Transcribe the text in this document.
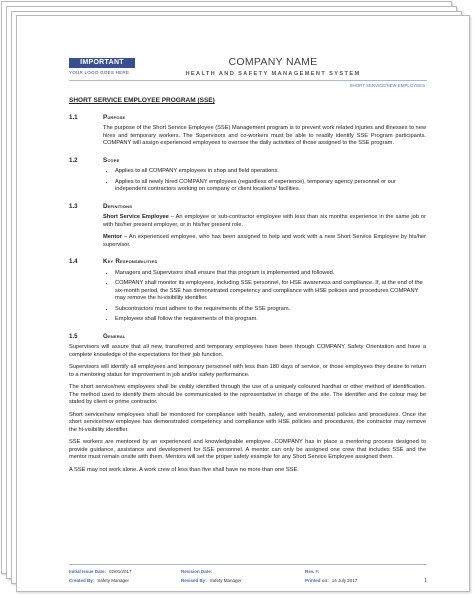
IMPORTANT
YOUR LOGO GOES HERE
COMPANY NAME
HEALTH AND SAFETY MANAGEMENT SYSTEM
SHORT SERVICE/NEW EMPLOYEES
SHORT SERVICE EMPLOYEE PROGRAM (SSE)
1.1	Purpose

The purpose of the Short Service Employee (SSE) Management program is to prevent work related injuries and illnesses to new hires and temporary workers. The Supervisors and co-workers must be able to readily identify SSE Program participants. COMPANY will assign experienced employees to oversee the daily activities of those assigned to the SSE program.

1.2	Scope
• Applies to all COMPANY employees in shop and field operations.
• Applies to all newly hired COMPANY employees (regardless of experience), temporary agency personnel or our independent contractors working on company or client locations/ facilities.
1.3	Definitions

Short Service Employee – An employee or sub-contractor employee with less than six months experience in the same job or with his/her present employer, or in his/her present role.

Mentor – An experienced employee, who has been assigned to help and work with a new Short Service Employee by his/her supervisor.

1.4	Key Responsibilities
• Managers and Supervisors shall ensure that this program is implemented and followed.
• COMPANY shall monitor its employees, including SSE personnel, for HSE awareness and compliance. If, at the end of the six-month period, the SSE has demonstrated competency and compliance with HSE policies and procedures COMPANY may remove the hi-visibility identifier.
• Subcontractors must adhere to the requirements of the SSE program.
• Employees shall follow the requirements of this program.
1.5	General

Supervisors will assure that all new, transferred and temporary employees have been through COMPANY Safety Orientation and have a complete knowledge of the expectations for their job function.

Supervisors will identify all employees and temporary personnel with less than 180 days of service, or those employees they desire to return to a mentoring status for improvement in job and/or safety performance.

The short service/new employees shall be visibly identified through the use of a uniquely coloured hardhat or other method of identification. The method used to identify them should be communicated to the representative in charge of the site. The identifier and the colour may be stated by client or prime contractor.

Short service/new employees shall be monitored for compliance with health, safety, and environmental policies and procedures. Once the short service/new employee has demonstrated competency and compliance with HSE policies and procedures, the contractor may remove the hi-visibility identifier.

SSE workers are mentored by an experienced and knowledgeable employee. COMPANY has in place a mentoring process designed to provide guidance, assistance and development for SSE personnel. A mentor can only be assigned one crew that includes SSE and the mentor must remain onsite with them. Mentors will set the proper safety example for any Short Service Employee assigned them.

A SSE may not work alone. A work crew of less than five shall have no more than one SSE.

Initial Issue Date: 02/01/2017	Revision Date:	Rev. #:
Created By: Safety Manager	Revised By: Safety Manager	Printed on: 14 July 2017	1
